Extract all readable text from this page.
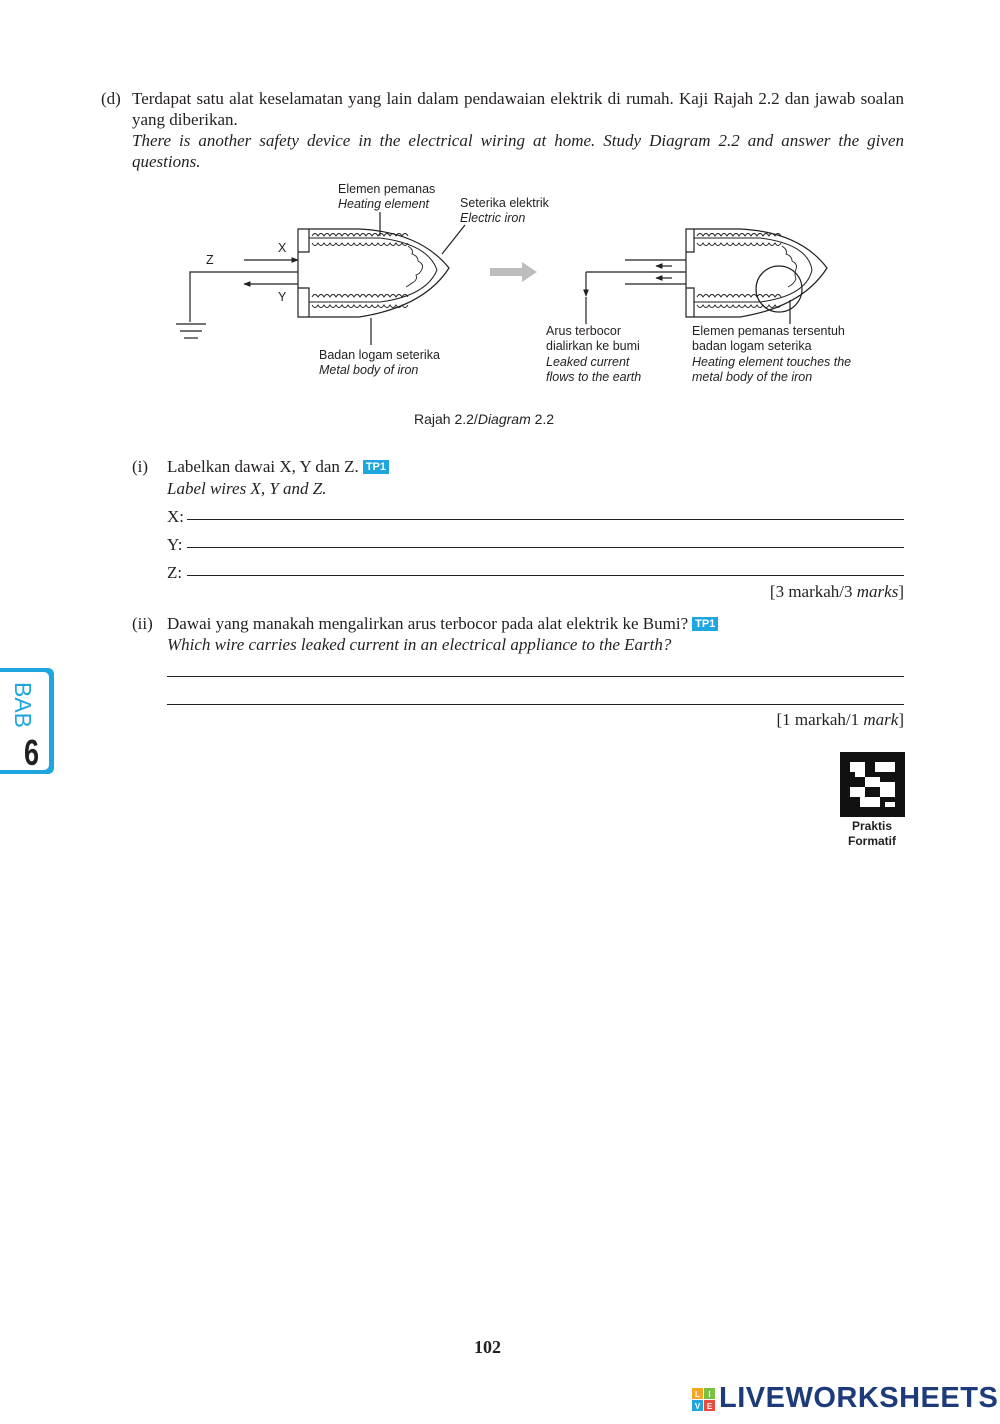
(d) Terdapat satu alat keselamatan yang lain dalam pendawaian elektrik di rumah. Kaji Rajah 2.2 dan jawab soalan yang diberikan.
There is another safety device in the electrical wiring at home. Study Diagram 2.2 and answer the given questions.
Elemen pemanas
Heating element Seterika elektrik
Electric iron
Z
X
Y
Badan logam seterika
Metal body of iron
Arus terbocor
dialirkan ke bumi
Leaked current
flows to the earth
Elemen pemanas tersentuh
badan logam seterika
Heating element touches the
metal body of the iron
Rajah 2.2/Diagram 2.2
(i) Labelkan dawai X, Y dan Z. TP1
Label wires X, Y and Z.
X:
Y:
Z:
[3 markah/3 marks]
(ii) Dawai yang manakah mengalirkan arus terbocor pada alat elektrik ke Bumi? TP1
Which wire carries leaked current in an electrical appliance to the Earth?
[1 markah/1 mark]
BAB
6
Praktis
Formatif
102
L I
V E LIVEWORKSHEETS
